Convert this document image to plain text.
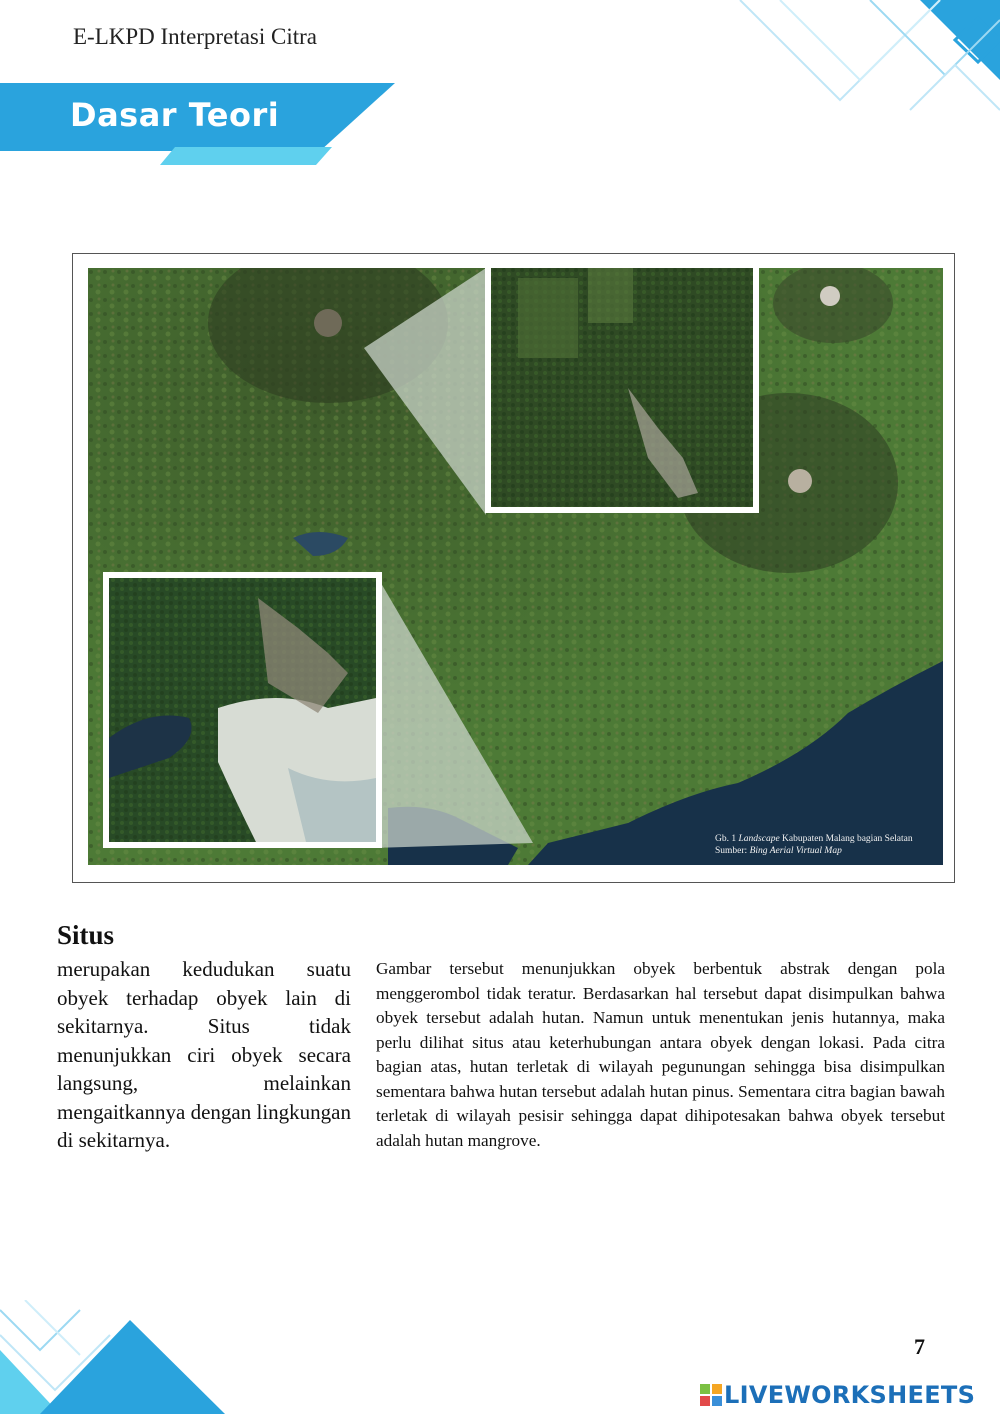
E-LKPD Interpretasi Citra
Dasar Teori
Gb. 1 Landscape Kabupaten Malang bagian Selatan
Sumber: Bing Aerial Virtual Map
Situs
merupakan kedudukan suatu obyek terhadap obyek lain di sekitarnya. Situs tidak menunjukkan ciri obyek secara langsung, melainkan mengaitkannya dengan lingkungan di sekitarnya.
Gambar tersebut menunjukkan obyek berbentuk abstrak dengan pola menggerombol tidak teratur. Berdasarkan hal tersebut dapat disimpulkan bahwa obyek tersebut adalah hutan. Namun untuk menentukan jenis hutannya, maka perlu dilihat situs atau keterhubungan antara obyek dengan lokasi. Pada citra bagian atas, hutan terletak di wilayah pegunungan sehingga bisa disimpulkan sementara bahwa hutan tersebut adalah hutan pinus. Sementara citra bagian bawah terletak di wilayah pesisir sehingga dapat dihipotesakan bahwa obyek tersebut adalah hutan mangrove.
7
LIVEWORKSHEETS
